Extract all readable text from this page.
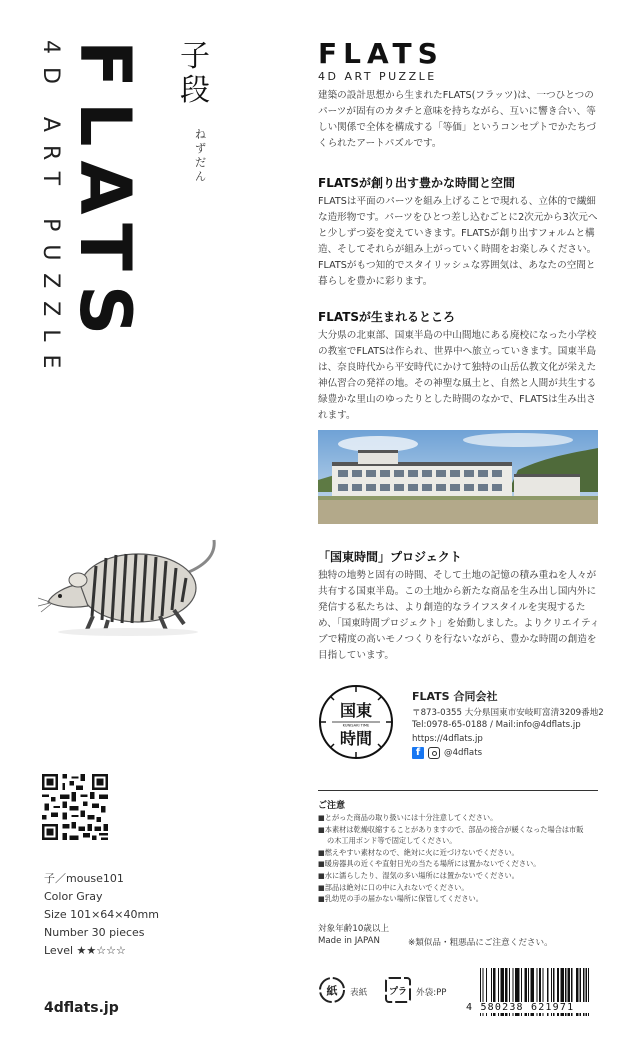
FLATS
4D ART PUZZLE	子
段
ね
ず
だ
ん
子／mouse101
Color Gray
Size 101×64×40mm
Number 30 pieces
Level ★★☆☆☆
4dflats.jp
FLATS
4D ART PUZZLE
建築の設計思想から生まれたFLATS(フラッツ)は、一つひとつのパーツが固有のカタチと意味を持ちながら、互いに響き合い、等しい関係で全体を構成する「等価」というコンセプトでかたちづくられたアートパズルです。
FLATSが創り出す豊かな時間と空間
FLATSは平面のパーツを組み上げることで現れる、立体的で繊細な造形物です。パーツをひとつ差し込むごとに2次元から3次元へと少しずつ姿を変えていきます。FLATSが創り出すフォルムと構造、そしてそれらが組み上がっていく時間をお楽しみください。FLATSがもつ知的でスタイリッシュな雰囲気は、あなたの空間と暮らしを豊かに彩ります。
FLATSが生まれるところ
大分県の北東部、国東半島の中山間地にある廃校になった小学校の教室でFLATSは作られ、世界中へ旅立っていきます。国東半島は、奈良時代から平安時代にかけて独特の山岳仏教文化が栄えた神仏習合の発祥の地。その神聖な風土と、自然と人間が共生する緑豊かな里山のゆったりとした時間のなかで、FLATSは生み出されます。
「国東時間」プロジェクト
独特の地勢と固有の時間、そして土地の記憶の積み重ねを人々が共有する国東半島。この土地から新たな商品を生み出し国内外に発信する私たちは、より創造的なライフスタイルを実現するため、「国東時間プロジェクト」を始動しました。よりクリエイティブで精度の高いモノつくりを行ないながら、豊かな時間の創造を目指しています。
国東
KUNISAKI TIME
時間
FLATS 合同会社
〒873-0355 大分県国東市安岐町富清3209番地2
Tel:0978-65-0188 / Mail:info@4dflats.jp
https://4dflats.jp
f	@4dflats
ご注意
■とがった商品の取り扱いには十分注意してください。
■本素材は乾燥収縮することがありますので、部品の接合が緩くなった場合は市販
の木工用ボンド等で固定してください。
■燃えやすい素材なので、絶対に火に近づけないでください。
■暖房器具の近くや直射日光の当たる場所には置かないでください。
■水に濡らしたり、湿気の多い場所には置かないでください。
■部品は絶対に口の中に入れないでください。
■乳幼児の手の届かない場所に保管してください。
対象年齢10歳以上
Made in JAPAN	※類似品・粗悪品にご注意ください。
紙 表紙 プラ 外袋:PP
4 580238 621971
